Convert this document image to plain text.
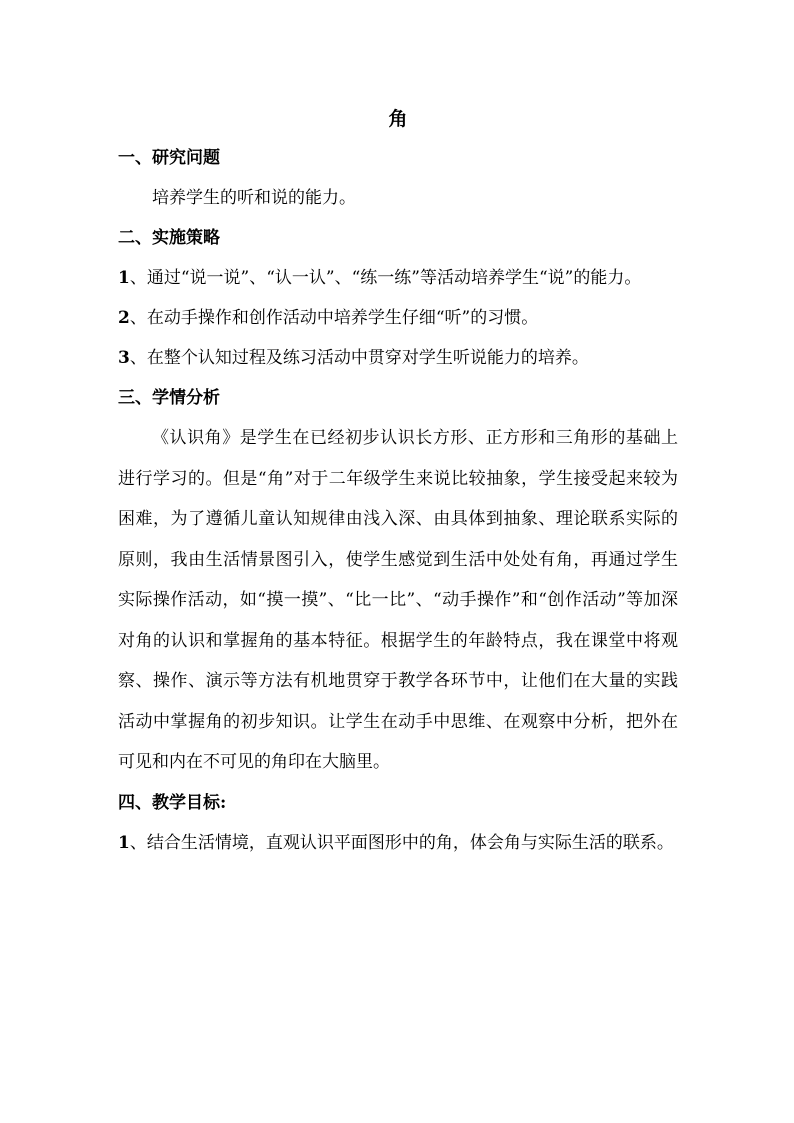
角

一、研究问题

培养学生的听和说的能力。

二、实施策略

1、通过“说一说”、“认一认”、“练一练”等活动培养学生“说”的能力。

2、在动手操作和创作活动中培养学生仔细“听”的习惯。

3、在整个认知过程及练习活动中贯穿对学生听说能力的培养。

三、学情分析

《认识角》是学生在已经初步认识长方形、正方形和三角形的基础上进行学习的。但是“角”对于二年级学生来说比较抽象，学生接受起来较为困难，为了遵循儿童认知规律由浅入深、由具体到抽象、理论联系实际的原则，我由生活情景图引入，使学生感觉到生活中处处有角，再通过学生实际操作活动，如“摸一摸”、“比一比”、“动手操作”和“创作活动”等加深对角的认识和掌握角的基本特征。根据学生的年龄特点，我在课堂中将观察、操作、演示等方法有机地贯穿于教学各环节中，让他们在大量的实践活动中掌握角的初步知识。让学生在动手中思维、在观察中分析，把外在可见和内在不可见的角印在大脑里。

四、教学目标:

1、结合生活情境，直观认识平面图形中的角，体会角与实际生活的联系。
